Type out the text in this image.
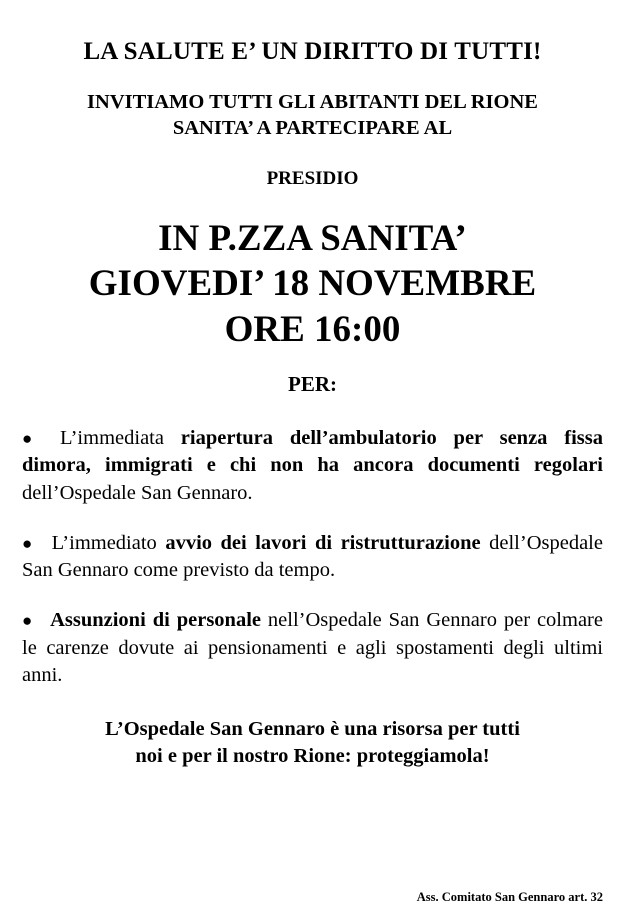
LA SALUTE E’ UN DIRITTO DI TUTTI!
INVITIAMO TUTTI GLI ABITANTI DEL RIONE
SANITA’ A PARTECIPARE AL
PRESIDIO
IN P.ZZA SANITA’
GIOVEDI’ 18 NOVEMBRE
ORE 16:00
PER:
● L’immediata riapertura dell’ambulatorio per senza fissa dimora, immigrati e chi non ha ancora documenti regolari dell’Ospedale San Gennaro.
● L’immediato avvio dei lavori di ristrutturazione dell’Ospedale San Gennaro come previsto da tempo.
● Assunzioni di personale nell’Ospedale San Gennaro per colmare le carenze dovute ai pensionamenti e agli spostamenti degli ultimi anni.
L’Ospedale San Gennaro è una risorsa per tutti
noi e per il nostro Rione: proteggiamola!
Ass. Comitato San Gennaro art. 32
